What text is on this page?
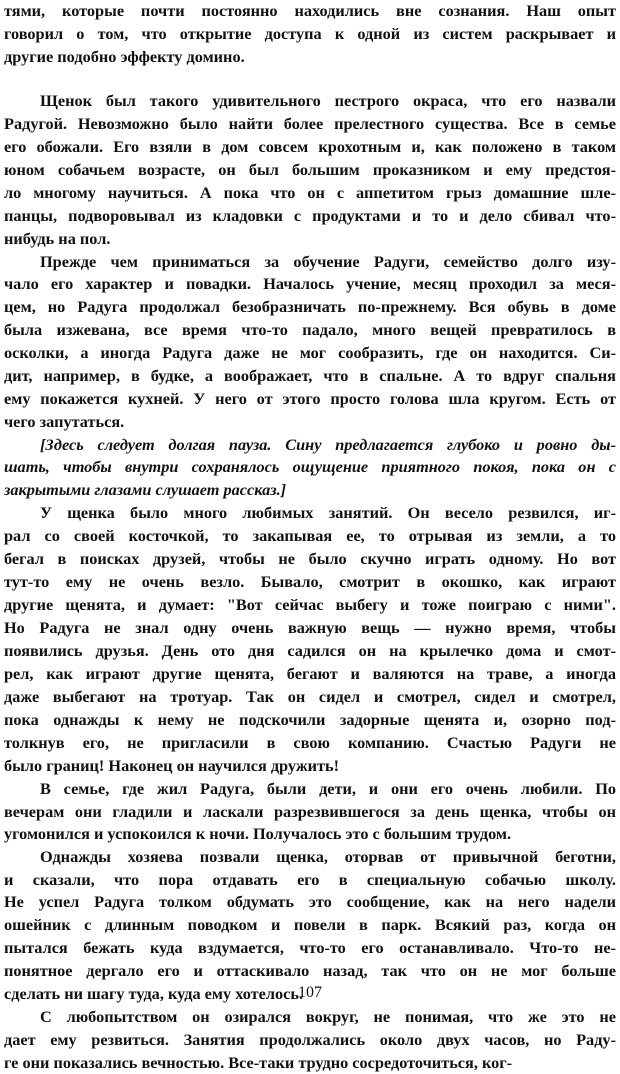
тями, которые почти постоянно находились вне сознания. Наш опыт
говорил о том, что открытие доступа к одной из систем раскрывает и
другие подобно эффекту домино.
Щенок был такого удивительного пестрого окраса, что его назвали
Радугой. Невозможно было найти более прелестного существа. Все в семье
его обожали. Его взяли в дом совсем крохотным и, как положено в таком
юном собачьем возрасте, он был большим проказником и ему предстоя-
ло многому научиться. А пока что он с аппетитом грыз домашние шле-
панцы, подворовывал из кладовки с продуктами и то и дело сбивал что-
нибудь на пол.
Прежде чем приниматься за обучение Радуги, семейство долго изу-
чало его характер и повадки. Началось учение, месяц проходил за меся-
цем, но Радуга продолжал безобразничать по-прежнему. Вся обувь в доме
была изжевана, все время что-то падало, много вещей превратилось в
осколки, а иногда Радуга даже не мог сообразить, где он находится. Си-
дит, например, в будке, а воображает, что в спальне. А то вдруг спальня
ему покажется кухней. У него от этого просто голова шла кругом. Есть от
чего запутаться.
[Здесь следует долгая пауза. Сину предлагается глубоко и ровно ды-
шать, чтобы внутри сохранялось ощущение приятного покоя, пока он с
закрытыми глазами слушает рассказ.]
У щенка было много любимых занятий. Он весело резвился, иг-
рал со своей косточкой, то закапывая ее, то отрывая из земли, а то
бегал в поисках друзей, чтобы не было скучно играть одному. Но вот
тут-то ему не очень везло. Бывало, смотрит в окошко, как играют
другие щенята, и думает: "Вот сейчас выбегу и тоже поиграю с ними".
Но Радуга не знал одну очень важную вещь — нужно время, чтобы
появились друзья. День ото дня садился он на крылечко дома и смот-
рел, как играют другие щенята, бегают и валяются на траве, а иногда
даже выбегают на тротуар. Так он сидел и смотрел, сидел и смотрел,
пока однажды к нему не подскочили задорные щенята и, озорно под-
толкнув его, не пригласили в свою компанию. Счастью Радуги не
было границ! Наконец он научился дружить!
В семье, где жил Радуга, были дети, и они его очень любили. По
вечерам они гладили и ласкали разрезвившегося за день щенка, чтобы он
угомонился и успокоился к ночи. Получалось это с большим трудом.
Однажды хозяева позвали щенка, оторвав от привычной беготни,
и сказали, что пора отдавать его в специальную собачью школу.
Не успел Радуга толком обдумать это сообщение, как на него надели
ошейник с длинным поводком и повели в парк. Всякий раз, когда он
пытался бежать куда вздумается, что-то его останавливало. Что-то не-
понятное дергало его и оттаскивало назад, так что он не мог больше
сделать ни шагу туда, куда ему хотелось.
С любопытством он озирался вокруг, не понимая, что же это не
дает ему резвиться. Занятия продолжались около двух часов, но Раду-
ге они показались вечностью. Все-таки трудно сосредоточиться, ког-
107
